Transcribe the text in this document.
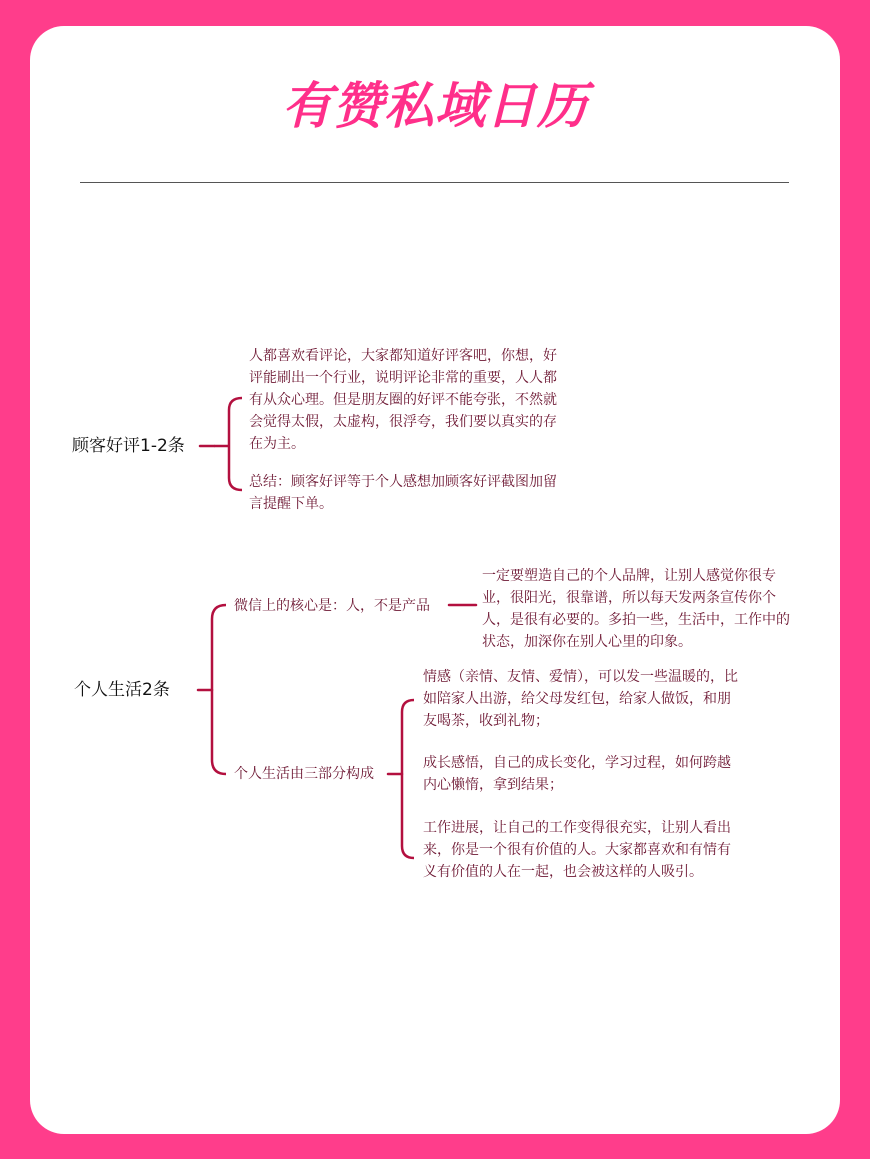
有赞私域日历
顾客好评1-2条

人都喜欢看评论，大家都知道好评客吧，你想，好评能刷出一个行业，说明评论非常的重要，人人都有从众心理。但是朋友圈的好评不能夸张，不然就会觉得太假，太虚构，很浮夸，我们要以真实的存在为主。

总结：顾客好评等于个人感想加顾客好评截图加留言提醒下单。

个人生活2条
微信上的核心是：人，不是产品

一定要塑造自己的个人品牌，让别人感觉你很专业，很阳光，很靠谱，所以每天发两条宣传你个人，是很有必要的。多拍一些，生活中，工作中的状态，加深你在别人心里的印象。

个人生活由三部分构成

情感（亲情、友情、爱情），可以发一些温暖的，比如陪家人出游，给父母发红包，给家人做饭，和朋友喝茶，收到礼物；

成长感悟，自己的成长变化，学习过程，如何跨越内心懒惰，拿到结果；

工作进展，让自己的工作变得很充实，让别人看出来，你是一个很有价值的人。大家都喜欢和有情有义有价值的人在一起，也会被这样的人吸引。
